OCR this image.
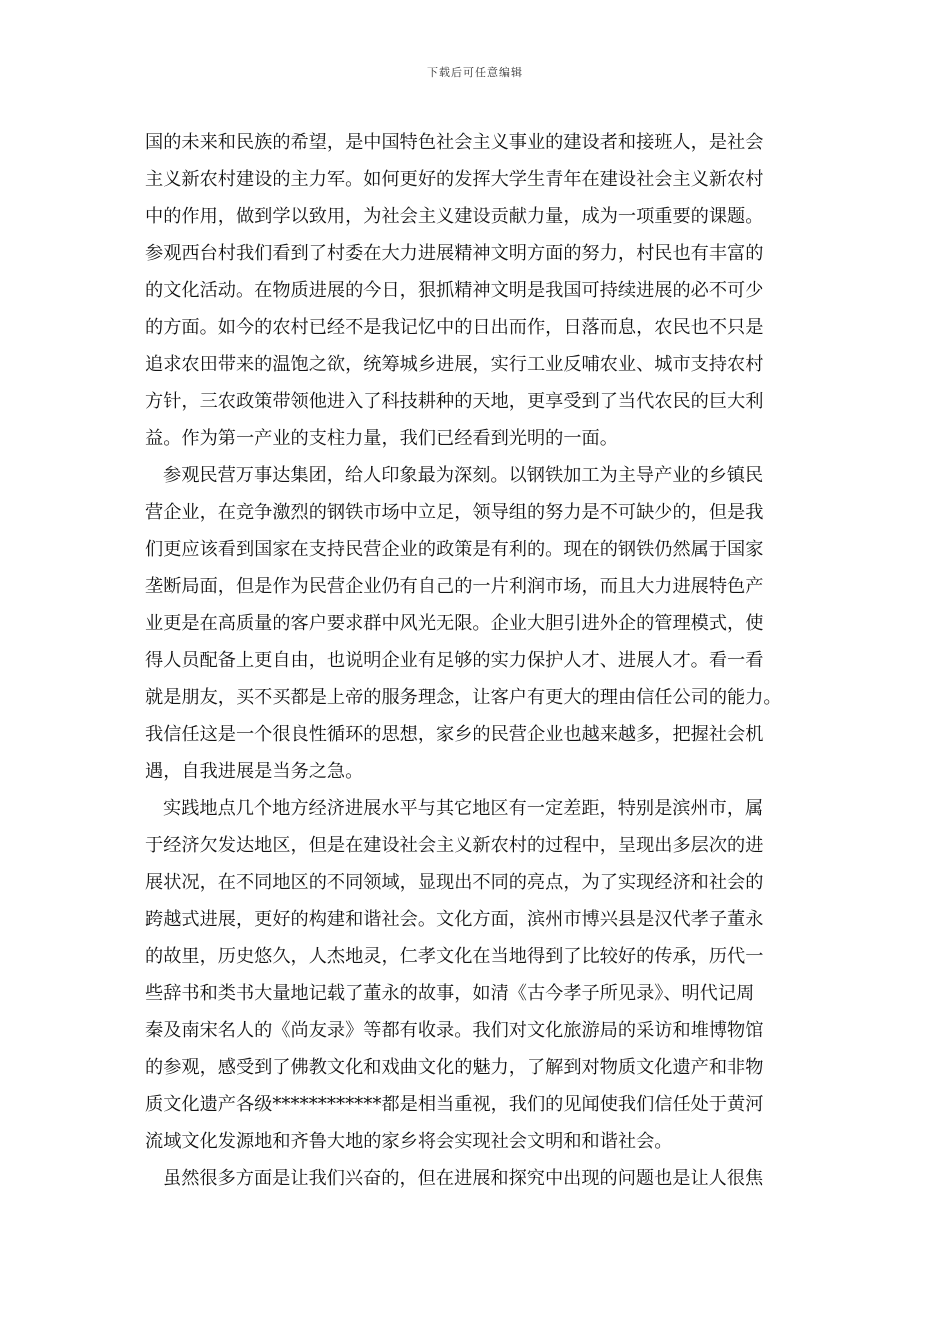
下载后可任意编辑
国的未来和民族的希望，是中国特色社会主义事业的建设者和接班人，是社会
主义新农村建设的主力军。如何更好的发挥大学生青年在建设社会主义新农村
中的作用，做到学以致用，为社会主义建设贡献力量，成为一项重要的课题。
参观西台村我们看到了村委在大力进展精神文明方面的努力，村民也有丰富的
的文化活动。在物质进展的今日，狠抓精神文明是我国可持续进展的必不可少
的方面。如今的农村已经不是我记忆中的日出而作，日落而息，农民也不只是
追求农田带来的温饱之欲，统筹城乡进展，实行工业反哺农业、城市支持农村
方针，三农政策带领他进入了科技耕种的天地，更享受到了当代农民的巨大利
益。作为第一产业的支柱力量，我们已经看到光明的一面。
参观民营万事达集团，给人印象最为深刻。以钢铁加工为主导产业的乡镇民
营企业，在竞争激烈的钢铁市场中立足，领导组的努力是不可缺少的，但是我
们更应该看到国家在支持民营企业的政策是有利的。现在的钢铁仍然属于国家
垄断局面，但是作为民营企业仍有自己的一片利润市场，而且大力进展特色产
业更是在高质量的客户要求群中风光无限。企业大胆引进外企的管理模式，使
得人员配备上更自由，也说明企业有足够的实力保护人才、进展人才。看一看
就是朋友，买不买都是上帝的服务理念，让客户有更大的理由信任公司的能力。
我信任这是一个很良性循环的思想，家乡的民营企业也越来越多，把握社会机
遇，自我进展是当务之急。
实践地点几个地方经济进展水平与其它地区有一定差距，特别是滨州市，属
于经济欠发达地区，但是在建设社会主义新农村的过程中，呈现出多层次的进
展状况，在不同地区的不同领域，显现出不同的亮点，为了实现经济和社会的
跨越式进展，更好的构建和谐社会。文化方面，滨州市博兴县是汉代孝子董永
的故里，历史悠久，人杰地灵，仁孝文化在当地得到了比较好的传承，历代一
些辞书和类书大量地记载了董永的故事，如清《古今孝子所见录》、明代记周
秦及南宋名人的《尚友录》等都有收录。我们对文化旅游局的采访和堆博物馆
的参观，感受到了佛教文化和戏曲文化的魅力，了解到对物质文化遗产和非物
质文化遗产各级************都是相当重视，我们的见闻使我们信任处于黄河
流域文化发源地和齐鲁大地的家乡将会实现社会文明和和谐社会。
虽然很多方面是让我们兴奋的，但在进展和探究中出现的问题也是让人很焦
